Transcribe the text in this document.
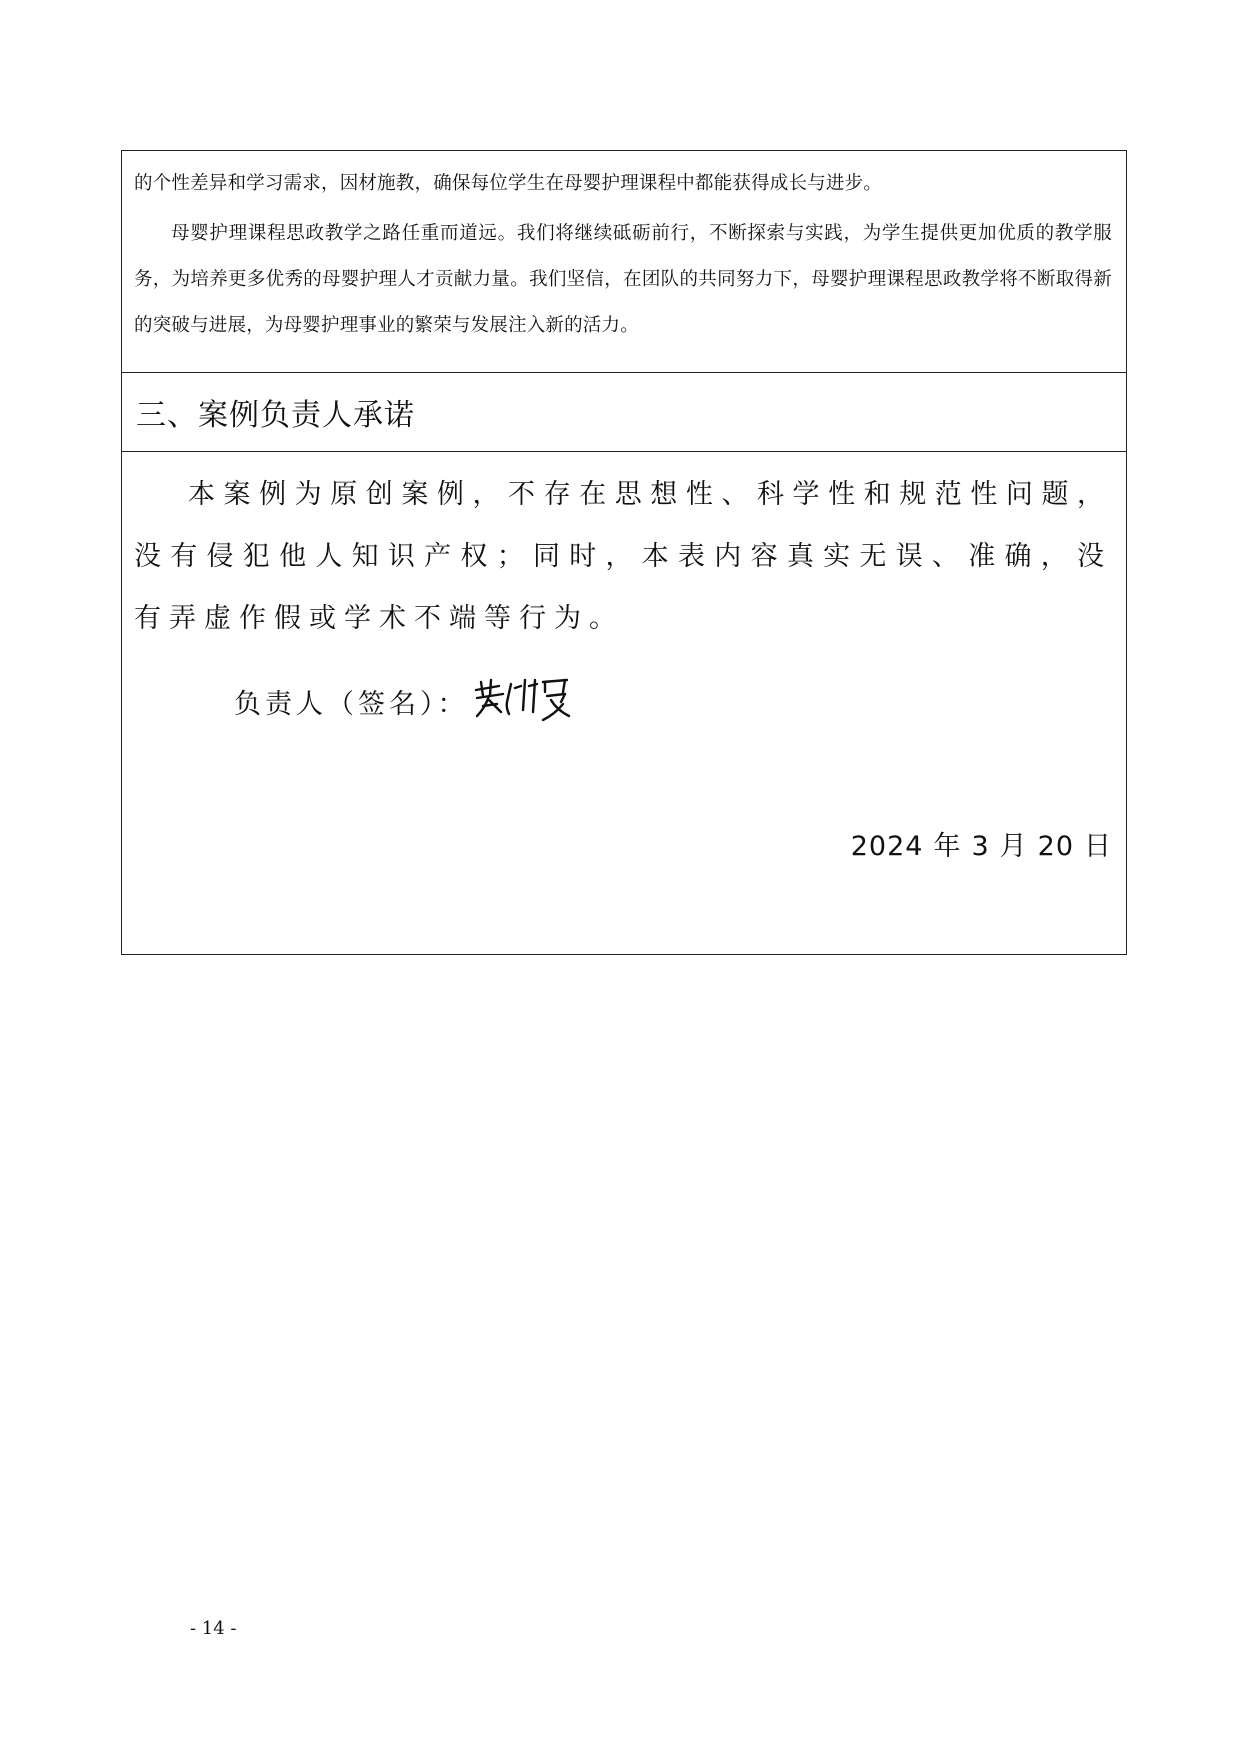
的个性差异和学习需求，因材施教，确保每位学生在母婴护理课程中都能获得成长与进步。

母婴护理课程思政教学之路任重而道远。我们将继续砥砺前行，不断探索与实践，为学生提供更加优质的教学服务，为培养更多优秀的母婴护理人才贡献力量。我们坚信，在团队的共同努力下，母婴护理课程思政教学将不断取得新的突破与进展，为母婴护理事业的繁荣与发展注入新的活力。

三、案例负责人承诺

本案例为原创案例，不存在思想性、科学性和规范性问题，没有侵犯他人知识产权；同时，本表内容真实无误、准确，没有弄虚作假或学术不端等行为。

负责人（签名）：
2024 年 3 月 20 日
- 14 -
